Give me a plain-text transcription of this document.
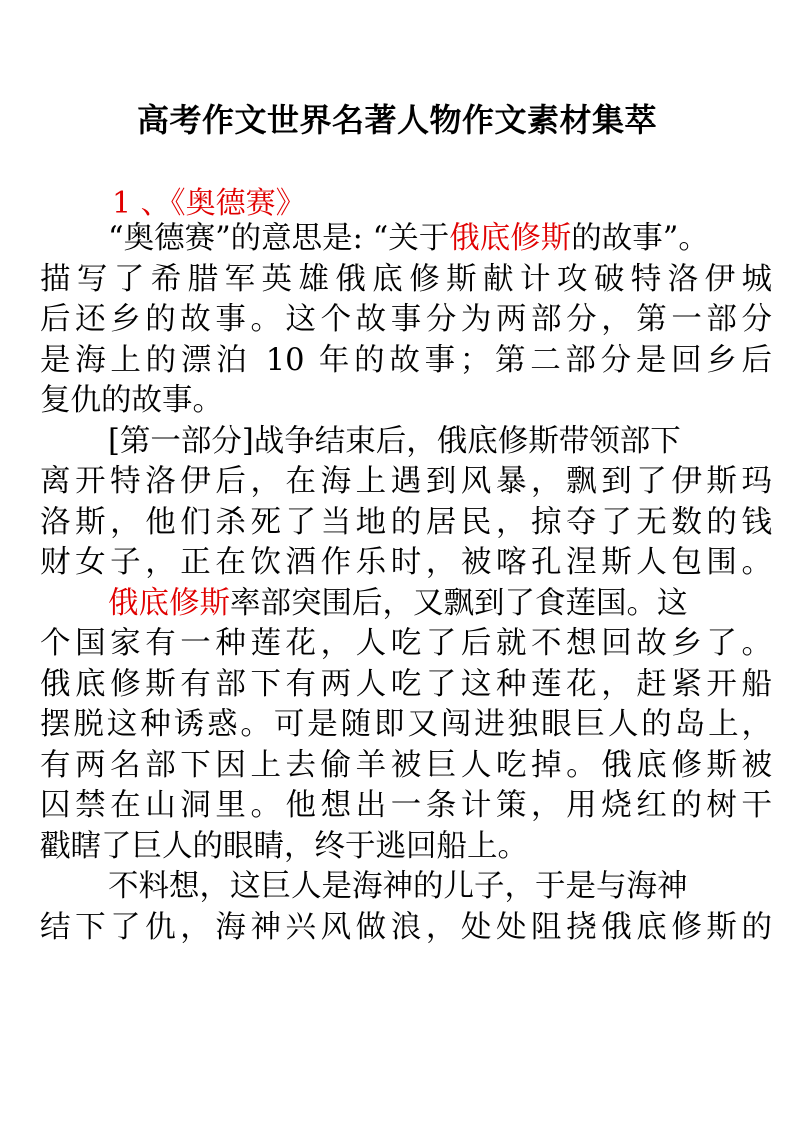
高考作文世界名著人物作文素材集萃
1 、《奥德赛》
“奥德赛”的意思是: “关于俄底修斯的故事”。
描写了希腊军英雄俄底修斯献计攻破特洛伊城
后还乡的故事。这个故事分为两部分，第一部分
是海上的漂泊 10 年的故事；第二部分是回乡后
复仇的故事。
[第一部分]战争结束后，俄底修斯带领部下
离开特洛伊后，在海上遇到风暴，飘到了伊斯玛
洛斯，他们杀死了当地的居民，掠夺了无数的钱
财女子，正在饮酒作乐时，被喀孔涅斯人包围。
俄底修斯率部突围后，又飘到了食莲国。这
个国家有一种莲花，人吃了后就不想回故乡了。
俄底修斯有部下有两人吃了这种莲花，赶紧开船
摆脱这种诱惑。可是随即又闯进独眼巨人的岛上，
有两名部下因上去偷羊被巨人吃掉。俄底修斯被
囚禁在山洞里。他想出一条计策，用烧红的树干
戳瞎了巨人的眼睛，终于逃回船上。
不料想，这巨人是海神的儿子，于是与海神
结下了仇，海神兴风做浪，处处阻挠俄底修斯的
